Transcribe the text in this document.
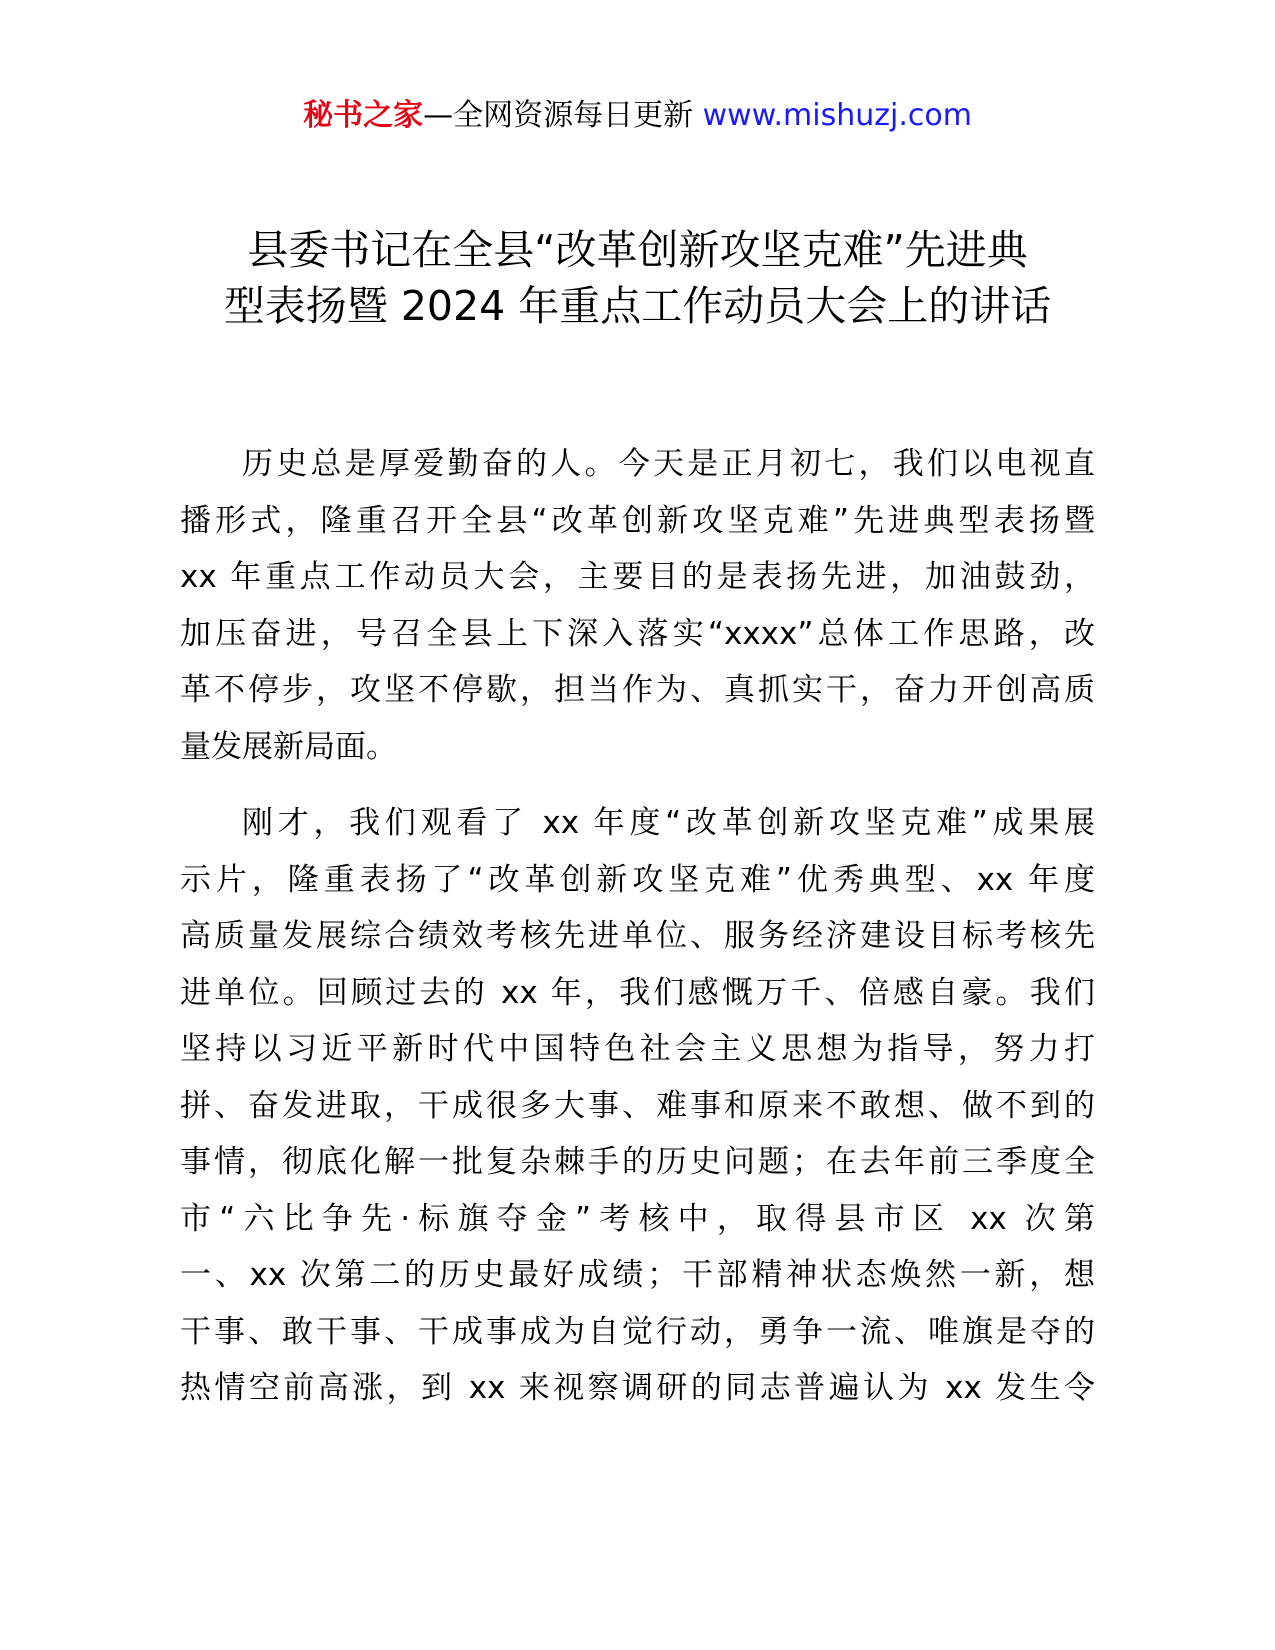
秘书之家—全网资源每日更新 www.mishuzj.com
县委书记在全县“改革创新攻坚克难”先进典
型表扬暨 2024 年重点工作动员大会上的讲话
历史总是厚爱勤奋的人。今天是正月初七，我们以电视直
播形式，隆重召开全县“改革创新攻坚克难”先进典型表扬暨
xx 年重点工作动员大会，主要目的是表扬先进，加油鼓劲，
加压奋进，号召全县上下深入落实“xxxx”总体工作思路，改
革不停步，攻坚不停歇，担当作为、真抓实干，奋力开创高质
量发展新局面。
刚才，我们观看了 xx 年度“改革创新攻坚克难”成果展
示片，隆重表扬了“改革创新攻坚克难”优秀典型、xx 年度
高质量发展综合绩效考核先进单位、服务经济建设目标考核先
进单位。回顾过去的 xx 年，我们感慨万千、倍感自豪。我们
坚持以习近平新时代中国特色社会主义思想为指导，努力打
拼、奋发进取，干成很多大事、难事和原来不敢想、做不到的
事情，彻底化解一批复杂棘手的历史问题；在去年前三季度全
市“六比争先·标旗夺金”考核中，取得县市区 xx 次第
一、xx 次第二的历史最好成绩；干部精神状态焕然一新，想
干事、敢干事、干成事成为自觉行动，勇争一流、唯旗是夺的
热情空前高涨，到 xx 来视察调研的同志普遍认为 xx 发生令
